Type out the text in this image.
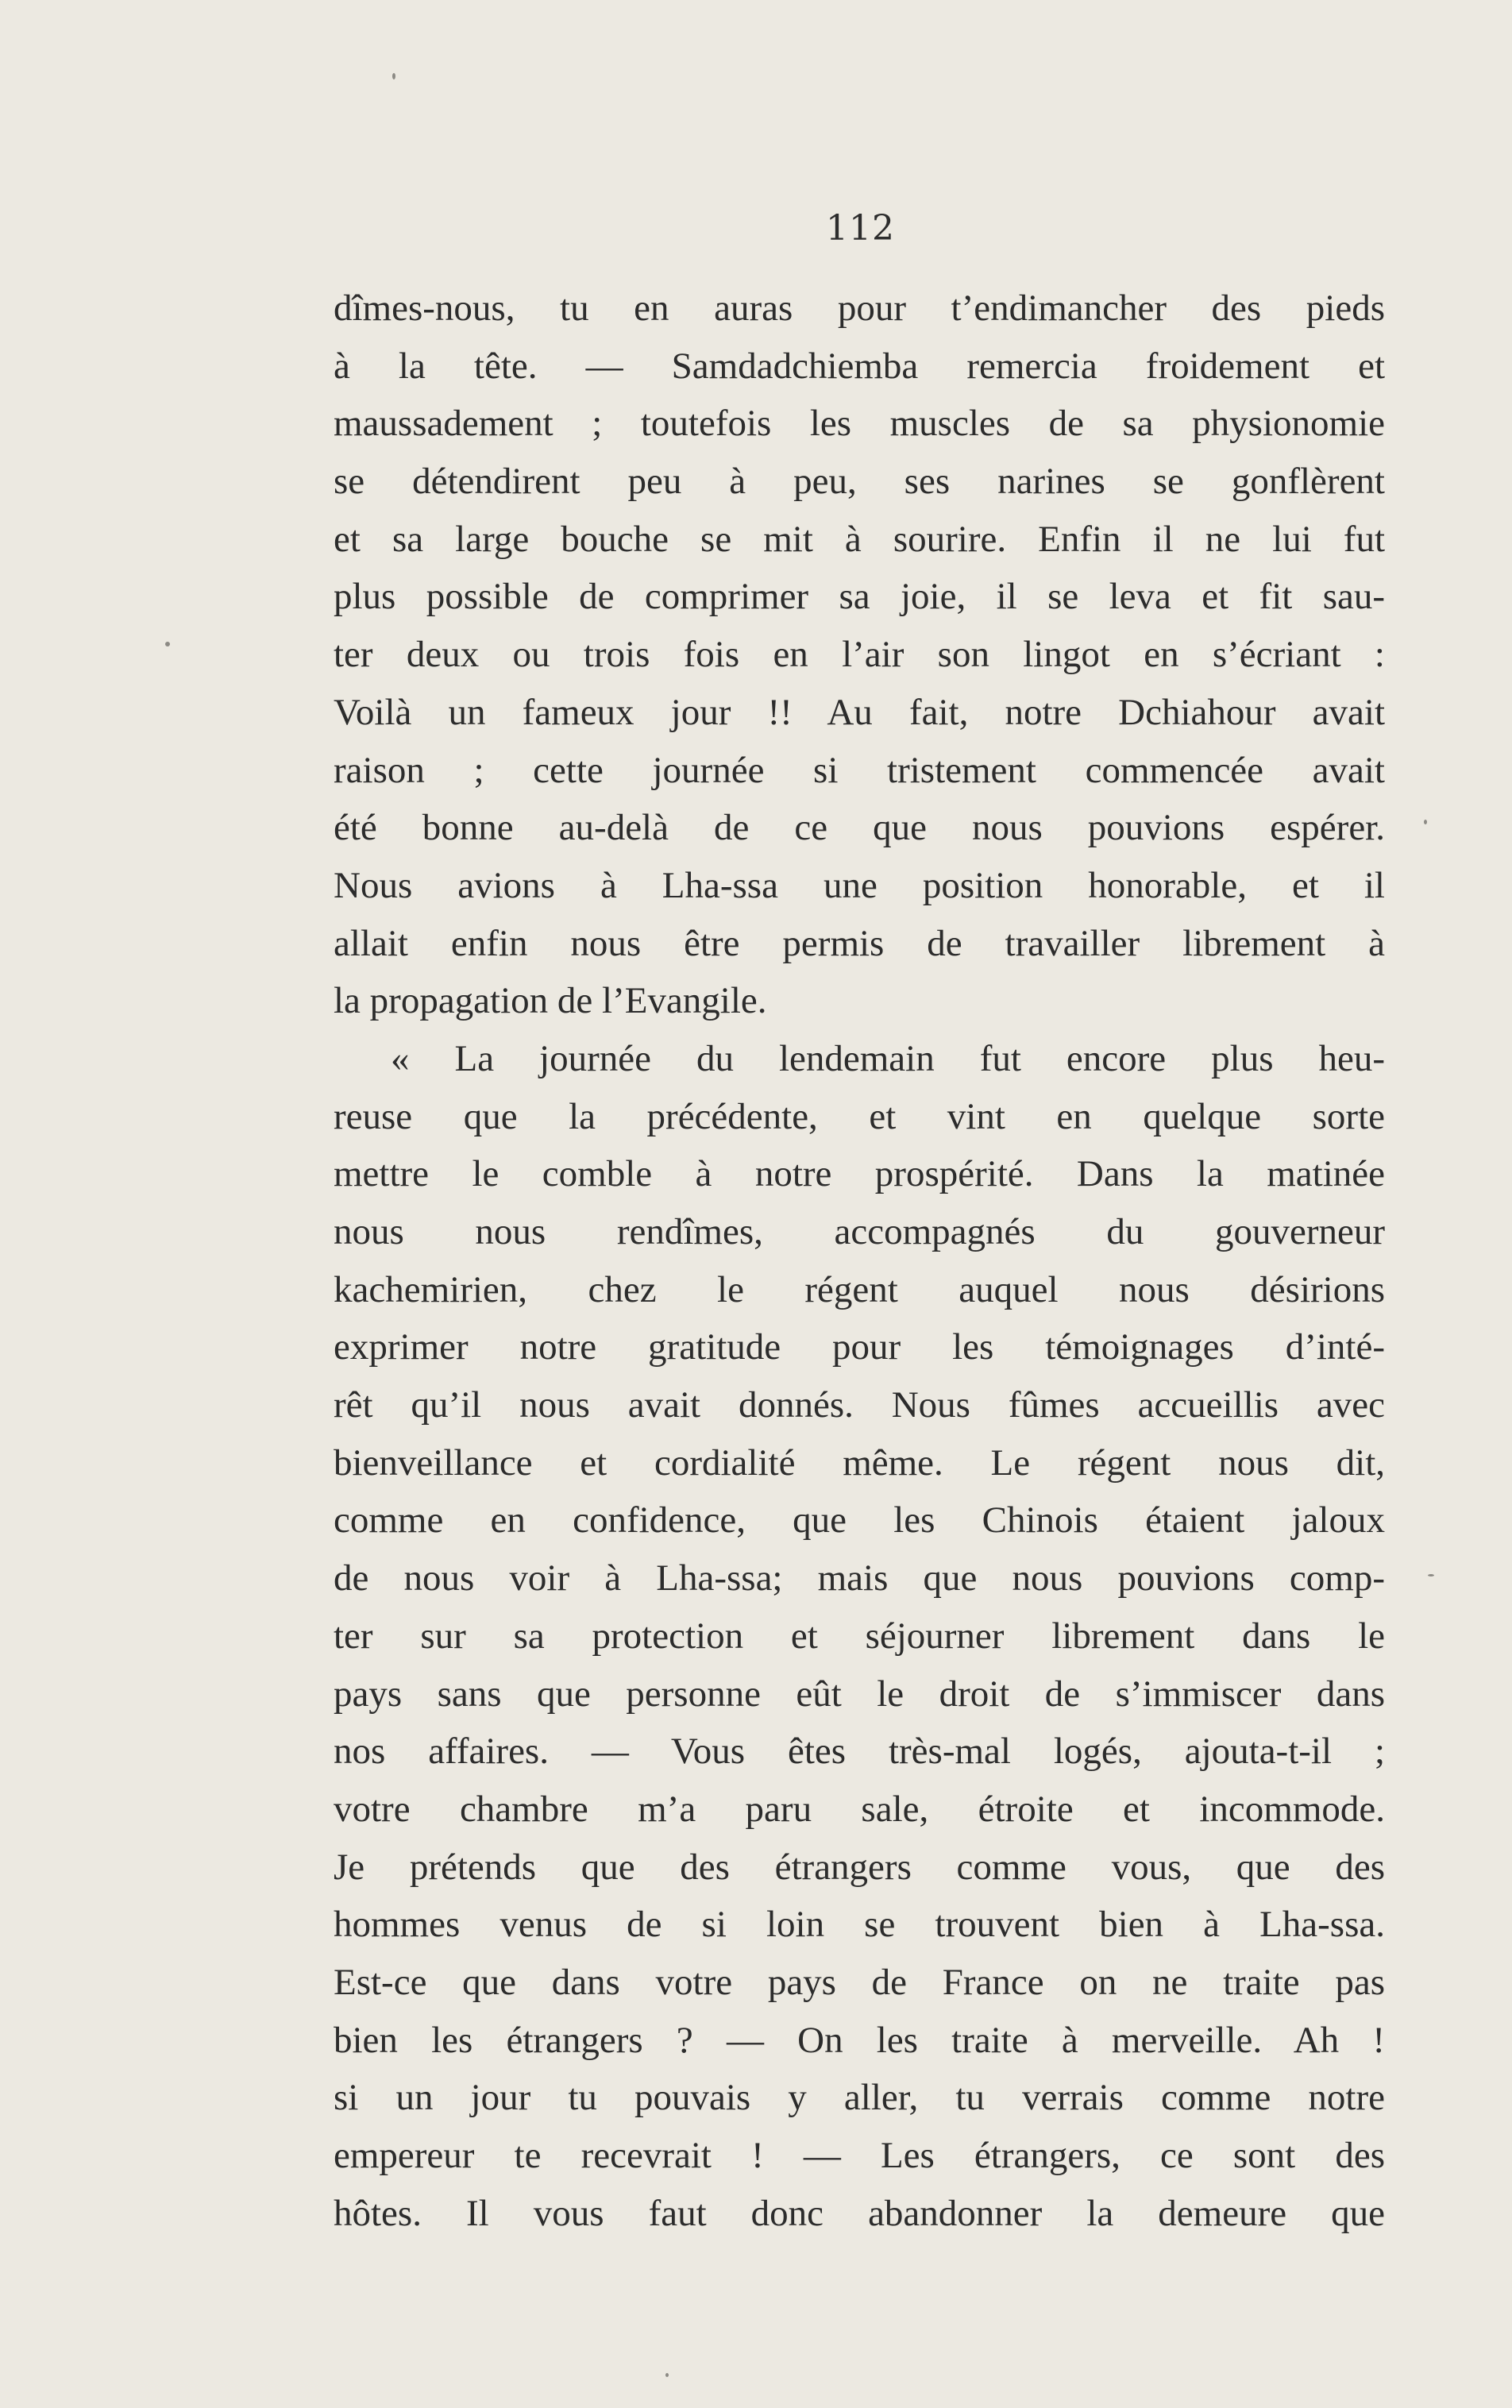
112
dîmes-nous, tu en auras pour t’endimancher des pieds
à la tête. — Samdadchiemba remercia froidement et
maussadement ; toutefois les muscles de sa physionomie
se détendirent peu à peu, ses narines se gonflèrent
et sa large bouche se mit à sourire. Enfin il ne lui fut
plus possible de comprimer sa joie, il se leva et fit sau-
ter deux ou trois fois en l’air son lingot en s’écriant :
Voilà un fameux jour !! Au fait, notre Dchiahour avait
raison ; cette journée si tristement commencée avait
été bonne au-delà de ce que nous pouvions espérer.
Nous avions à Lha-ssa une position honorable, et il
allait enfin nous être permis de travailler librement à
la propagation de l’Evangile.
« La journée du lendemain fut encore plus heu-
reuse que la précédente, et vint en quelque sorte
mettre le comble à notre prospérité. Dans la matinée
nous nous rendîmes, accompagnés du gouverneur
kachemirien, chez le régent auquel nous désirions
exprimer notre gratitude pour les témoignages d’inté-
rêt qu’il nous avait donnés. Nous fûmes accueillis avec
bienveillance et cordialité même. Le régent nous dit,
comme en confidence, que les Chinois étaient jaloux
de nous voir à Lha-ssa; mais que nous pouvions comp-
ter sur sa protection et séjourner librement dans le
pays sans que personne eût le droit de s’immiscer dans
nos affaires. — Vous êtes très-mal logés, ajouta-t-il ;
votre chambre m’a paru sale, étroite et incommode.
Je prétends que des étrangers comme vous, que des
hommes venus de si loin se trouvent bien à Lha-ssa.
Est-ce que dans votre pays de France on ne traite pas
bien les étrangers ? — On les traite à merveille. Ah !
si un jour tu pouvais y aller, tu verrais comme notre
empereur te recevrait ! — Les étrangers, ce sont des
hôtes. Il vous faut donc abandonner la demeure que
